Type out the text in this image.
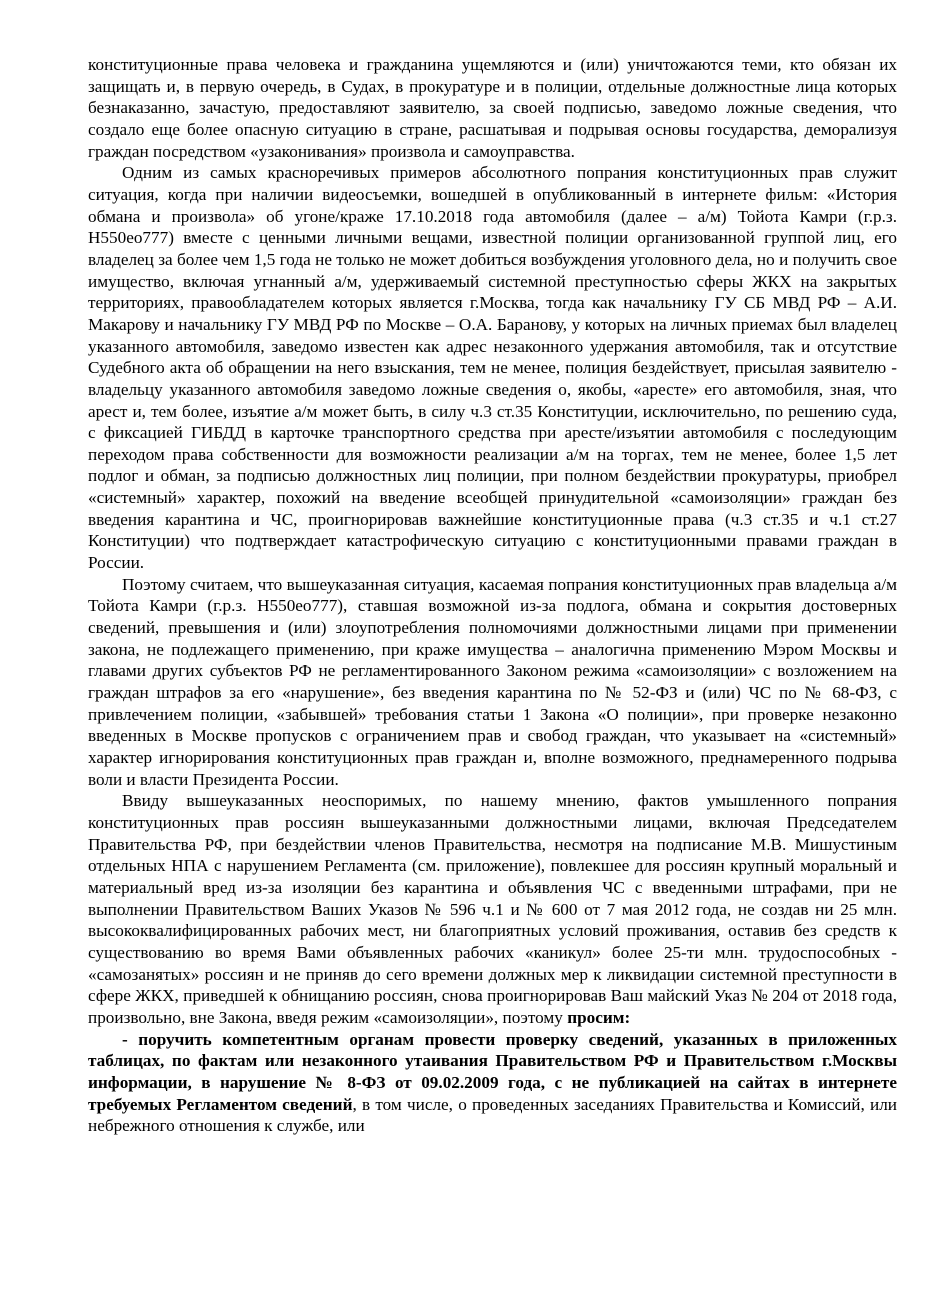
конституционные права человека и гражданина ущемляются и (или) уничтожаются теми, кто обязан их защищать и, в первую очередь, в Судах, в прокуратуре и в полиции, отдельные должностные лица которых безнаказанно, зачастую, предоставляют заявителю, за своей подписью, заведомо ложные сведения, что создало еще более опасную ситуацию в стране, расшатывая и подрывая основы государства, деморализуя граждан посредством «узаконивания» произвола и самоуправства.

Одним из самых красноречивых примеров абсолютного попрания конституционных прав служит ситуация, когда при наличии видеосъемки, вошедшей в опубликованный в интернете фильм: «История обмана и произвола» об угоне/краже 17.10.2018 года автомобиля (далее – а/м) Тойота Камри (г.р.з. Н550ео777) вместе с ценными личными вещами, известной полиции организованной группой лиц, его владелец за более чем 1,5 года не только не может добиться возбуждения уголовного дела, но и получить свое имущество, включая угнанный а/м, удерживаемый системной преступностью сферы ЖКХ на закрытых территориях, правообладателем которых является г.Москва, тогда как начальнику ГУ СБ МВД РФ – А.И. Макарову и начальнику ГУ МВД РФ по Москве – О.А. Баранову, у которых на личных приемах был владелец указанного автомобиля, заведомо известен как адрес незаконного удержания автомобиля, так и отсутствие Судебного акта об обращении на него взыскания, тем не менее, полиция бездействует, присылая заявителю - владельцу указанного автомобиля заведомо ложные сведения о, якобы, «аресте» его автомобиля, зная, что арест и, тем более, изъятие а/м может быть, в силу ч.3 ст.35 Конституции, исключительно, по решению суда, с фиксацией ГИБДД в карточке транспортного средства при аресте/изъятии автомобиля с последующим переходом права собственности для возможности реализации а/м на торгах, тем не менее, более 1,5 лет подлог и обман, за подписью должностных лиц полиции, при полном бездействии прокуратуры, приобрел «системный» характер, похожий на введение всеобщей принудительной «самоизоляции» граждан без введения карантина и ЧС, проигнорировав важнейшие конституционные права (ч.3 ст.35 и ч.1 ст.27 Конституции) что подтверждает катастрофическую ситуацию с конституционными правами граждан в России.

Поэтому считаем, что вышеуказанная ситуация, касаемая попрания конституционных прав владельца а/м Тойота Камри (г.р.з. Н550ео777), ставшая возможной из-за подлога, обмана и сокрытия достоверных сведений, превышения и (или) злоупотребления полномочиями должностными лицами при применении закона, не подлежащего применению, при краже имущества – аналогична применению Мэром Москвы и главами других субъектов РФ не регламентированного Законом режима «самоизоляции» с возложением на граждан штрафов за его «нарушение», без введения карантина по № 52-ФЗ и (или) ЧС по № 68-ФЗ, с привлечением полиции, «забывшей» требования статьи 1 Закона «О полиции», при проверке незаконно введенных в Москве пропусков с ограничением прав и свобод граждан, что указывает на «системный» характер игнорирования конституционных прав граждан и, вполне возможного, преднамеренного подрыва воли и власти Президента России.

Ввиду вышеуказанных неоспоримых, по нашему мнению, фактов умышленного попрания конституционных прав россиян вышеуказанными должностными лицами, включая Председателем Правительства РФ, при бездействии членов Правительства, несмотря на подписание М.В. Мишустиным отдельных НПА с нарушением Регламента (см. приложение), повлекшее для россиян крупный моральный и материальный вред из-за изоляции без карантина и объявления ЧС с введенными штрафами, при не выполнении Правительством Ваших Указов № 596 ч.1 и № 600 от 7 мая 2012 года, не создав ни 25 млн. высококвалифицированных рабочих мест, ни благоприятных условий проживания, оставив без средств к существованию во время Вами объявленных рабочих «каникул» более 25-ти млн. трудоспособных - «самозанятых» россиян и не приняв до сего времени должных мер к ликвидации системной преступности в сфере ЖКХ, приведшей к обнищанию россиян, снова проигнорировав Ваш майский Указ № 204 от 2018 года, произвольно, вне Закона, введя режим «самоизоляции», поэтому просим:

- поручить компетентным органам провести проверку сведений, указанных в приложенных таблицах, по фактам или незаконного утаивания Правительством РФ и Правительством г.Москвы информации, в нарушение № 8-ФЗ от 09.02.2009 года, с не публикацией на сайтах в интернете требуемых Регламентом сведений, в том числе, о проведенных заседаниях Правительства и Комиссий, или небрежного отношения к службе, или
